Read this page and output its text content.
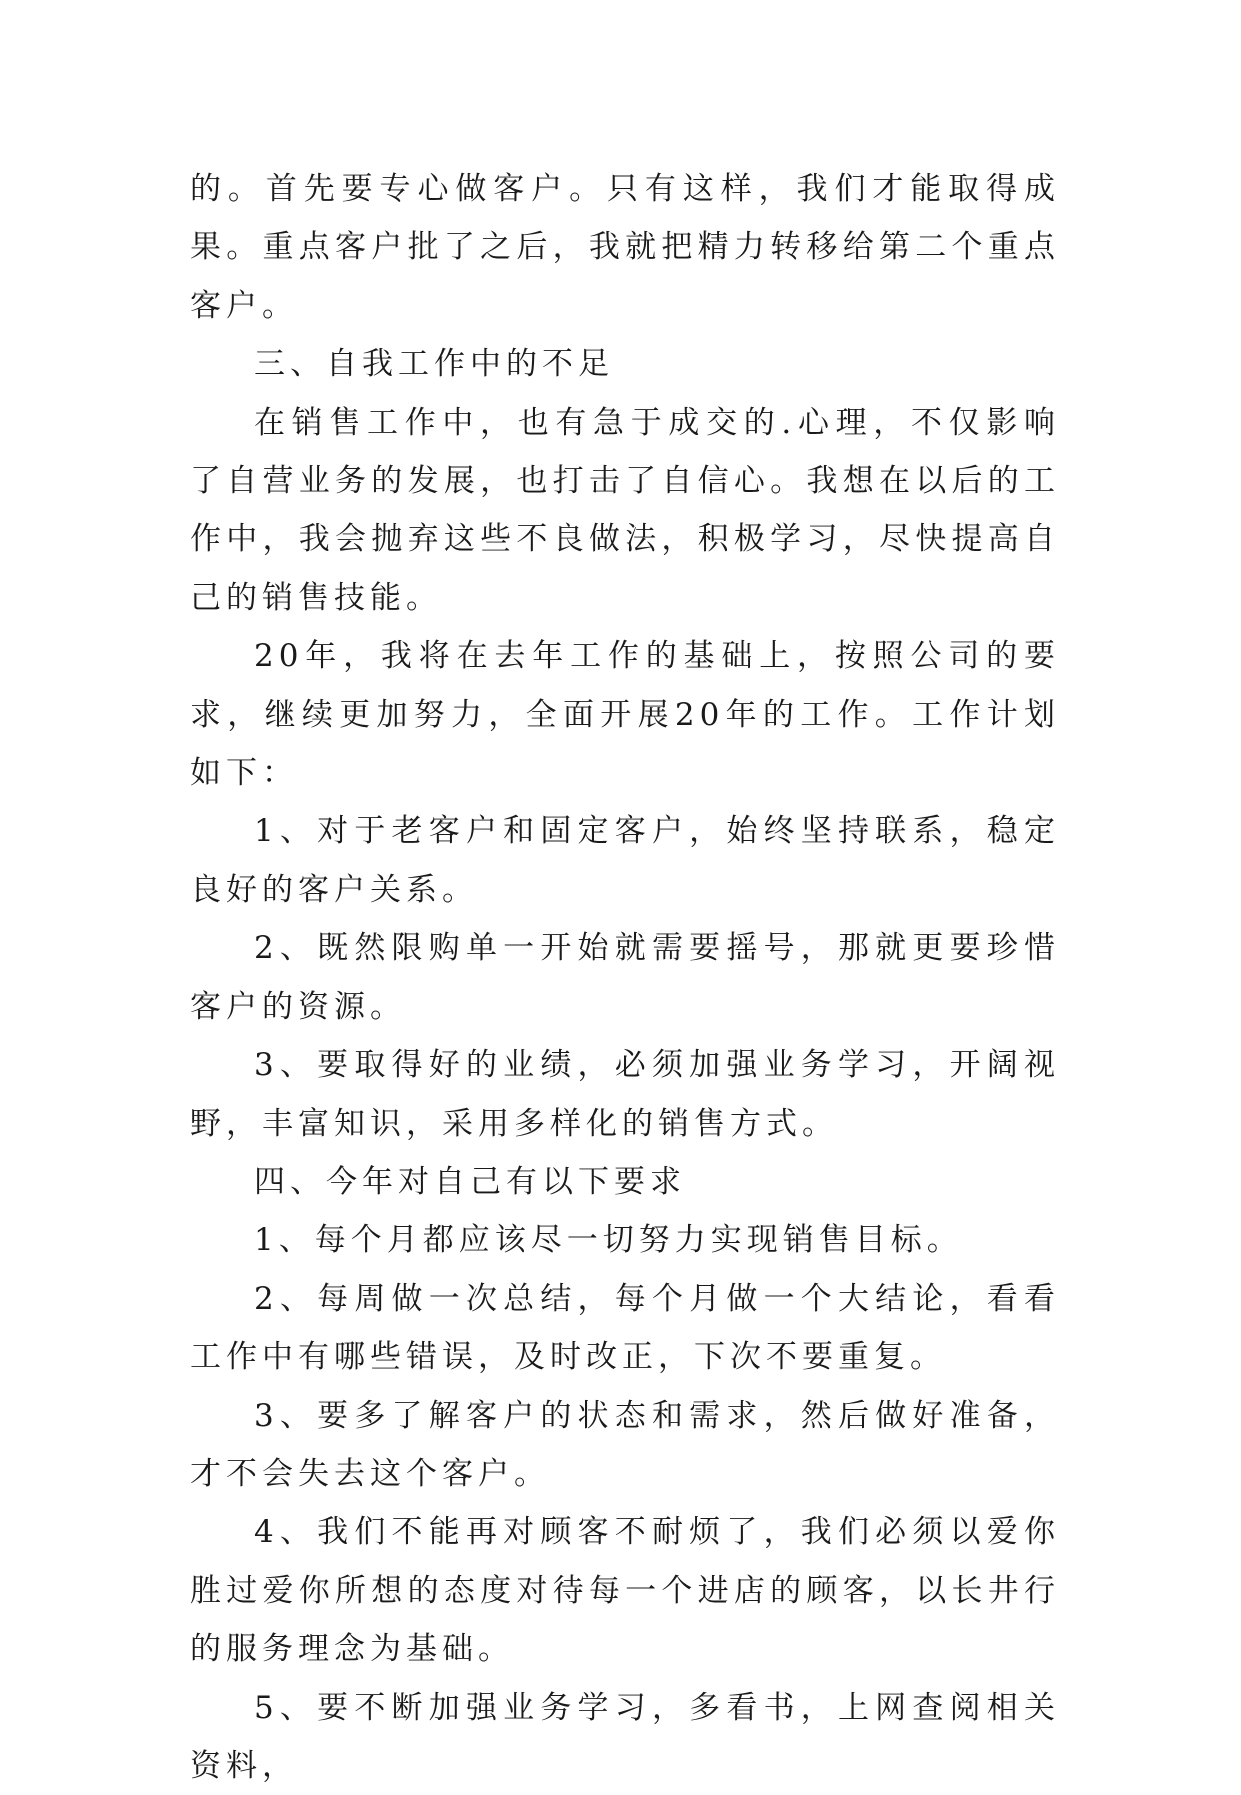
的。首先要专心做客户。只有这样，我们才能取得成果。重点客户批了之后，我就把精力转移给第二个重点客户。

三、自我工作中的不足

在销售工作中，也有急于成交的.心理，不仅影响了自营业务的发展，也打击了自信心。我想在以后的工作中，我会抛弃这些不良做法，积极学习，尽快提高自己的销售技能。

20年，我将在去年工作的基础上，按照公司的要求，继续更加努力，全面开展20年的工作。工作计划如下：

1、对于老客户和固定客户，始终坚持联系，稳定良好的客户关系。

2、既然限购单一开始就需要摇号，那就更要珍惜客户的资源。

3、要取得好的业绩，必须加强业务学习，开阔视野，丰富知识，采用多样化的销售方式。

四、今年对自己有以下要求

1、每个月都应该尽一切努力实现销售目标。

2、每周做一次总结，每个月做一个大结论，看看工作中有哪些错误，及时改正，下次不要重复。

3、要多了解客户的状态和需求，然后做好准备，才不会失去这个客户。

4、我们不能再对顾客不耐烦了，我们必须以爱你胜过爱你所想的态度对待每一个进店的顾客，以长井行的服务理念为基础。

5、要不断加强业务学习，多看书，上网查阅相关资料，
